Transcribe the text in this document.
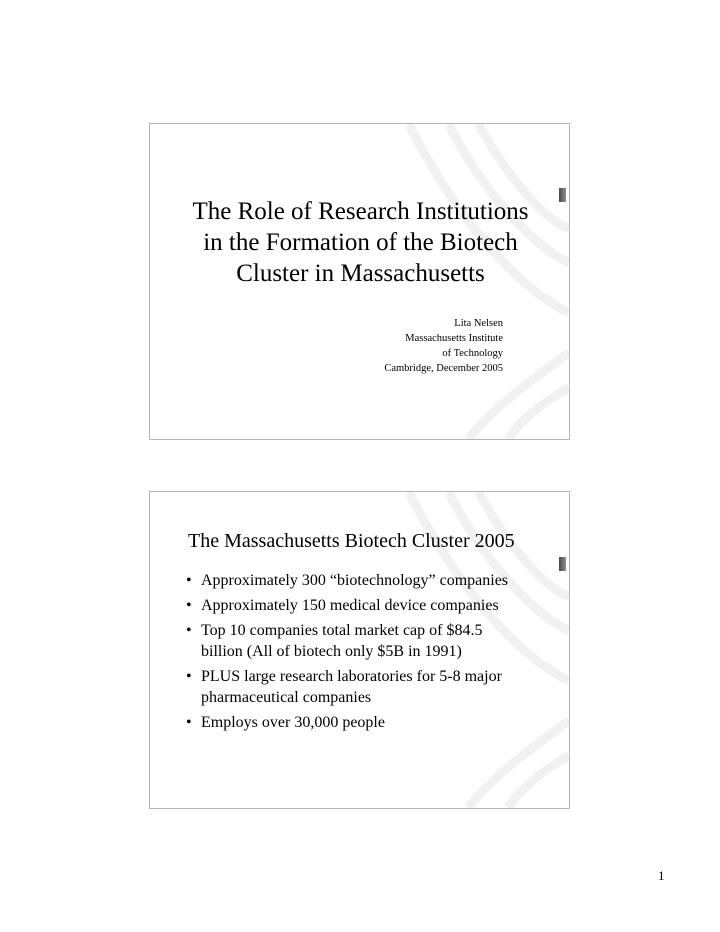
The Role of Research Institutions in the Formation of the Biotech Cluster in Massachusetts
Lita Nelsen
Massachusetts Institute
of Technology
Cambridge, December 2005
The Massachusetts Biotech Cluster 2005
• Approximately 300 “biotechnology” companies
• Approximately 150 medical device companies
• Top 10 companies total market cap of $84.5 billion (All of biotech only $5B in 1991)
• PLUS large research laboratories for 5-8 major pharmaceutical companies
• Employs over 30,000 people
1
